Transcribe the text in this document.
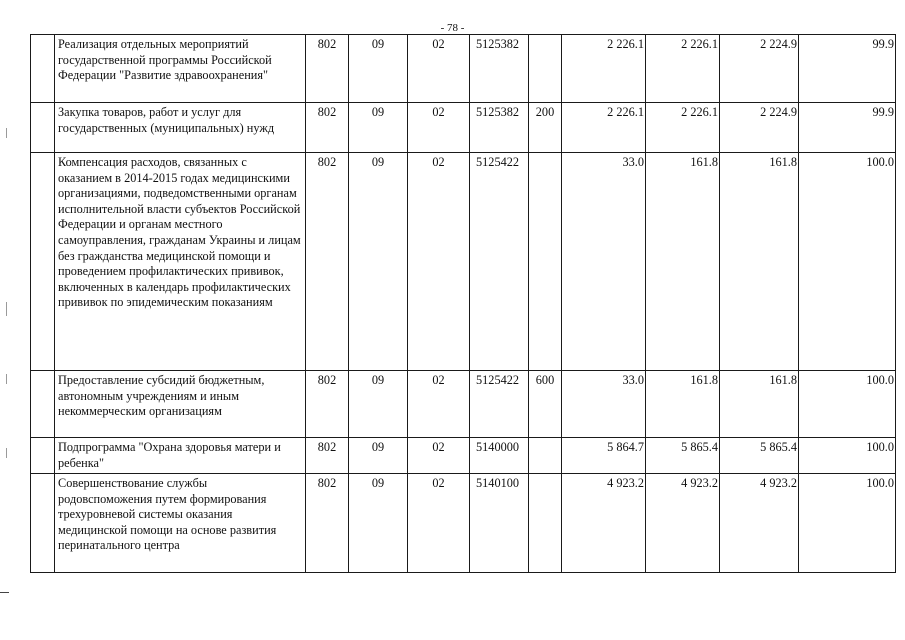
- 78 -
	Реализация отдельных мероприятий государственной программы Российской Федерации "Развитие здравоохранения"	802	09	02	5125382		2 226.1	2 226.1	2 224.9	99.9
	Закупка товаров, работ и услуг для государственных (муниципальных) нужд	802	09	02	5125382	200	2 226.1	2 226.1	2 224.9	99.9
	Компенсация расходов, связанных с оказанием в 2014-2015 годах медицинскими организациями, подведомственными органам исполнительной власти субъектов Российской Федерации и органам местного самоуправления, гражданам Украины и лицам без гражданства медицинской помощи и проведением профилактических прививок, включенных в календарь профилактических прививок по эпидемическим показаниям	802	09	02	5125422		33.0	161.8	161.8	100.0
	Предоставление субсидий бюджетным, автономным учреждениям и иным некоммерческим организациям	802	09	02	5125422	600	33.0	161.8	161.8	100.0
	Подпрограмма "Охрана здоровья матери и ребенка"	802	09	02	5140000		5 864.7	5 865.4	5 865.4	100.0
	Совершенствование службы родовспоможения путем формирования трехуровневой системы оказания медицинской помощи на основе развития перинатального центра	802	09	02	5140100		4 923.2	4 923.2	4 923.2	100.0
